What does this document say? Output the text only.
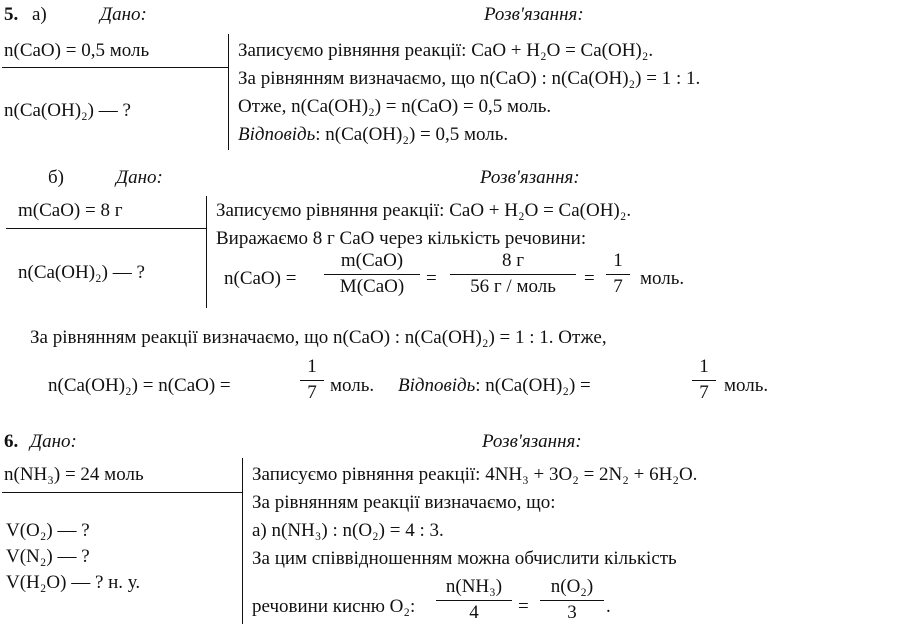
5. а)	Дано:	Розв'язання:
n(CaO) = 0,5 моль
n(Ca(OH)₂) — ?
Записуємо рівняння реакції: CaO + H₂O = Ca(OH)₂.
За рівнянням визначаємо, що n(CaO) : n(Ca(OH)₂) = 1 : 1.
Отже, n(Ca(OH)₂) = n(CaO) = 0,5 моль.
Відповідь: n(Ca(OH)₂) = 0,5 моль.
б)	Дано:	Розв'язання:
m(CaO) = 8 г
n(Ca(OH)₂) — ?
Записуємо рівняння реакції: CaO + H₂O = Ca(OH)₂.
Виражаємо 8 г CaO через кількість речовини:
n(CaO) =
m(CaO)
M(CaO)	=
8 г
56 г / моль	=
1
7 моль.
За рівнянням реакції визначаємо, що n(CaO) : n(Ca(OH)₂) = 1 : 1. Отже,
n(Ca(OH)₂) = n(CaO) =
1
7 моль. Відповідь: n(Ca(OH)₂) =
1
7 моль.
6. Дано:	Розв'язання:
n(NH₃) = 24 моль
V(O₂) — ?
V(N₂) — ?
V(H₂O) — ? н. у.
Записуємо рівняння реакції: 4NH₃ + 3O₂ = 2N₂ + 6H₂O.
За рівнянням реакції визначаємо, що:
а) n(NH₃) : n(O₂) = 4 : 3.
За цим співвідношенням можна обчислити кількість
речовини кисню O₂:
n(NH₃)
4	=
n(O₂)
3	.
